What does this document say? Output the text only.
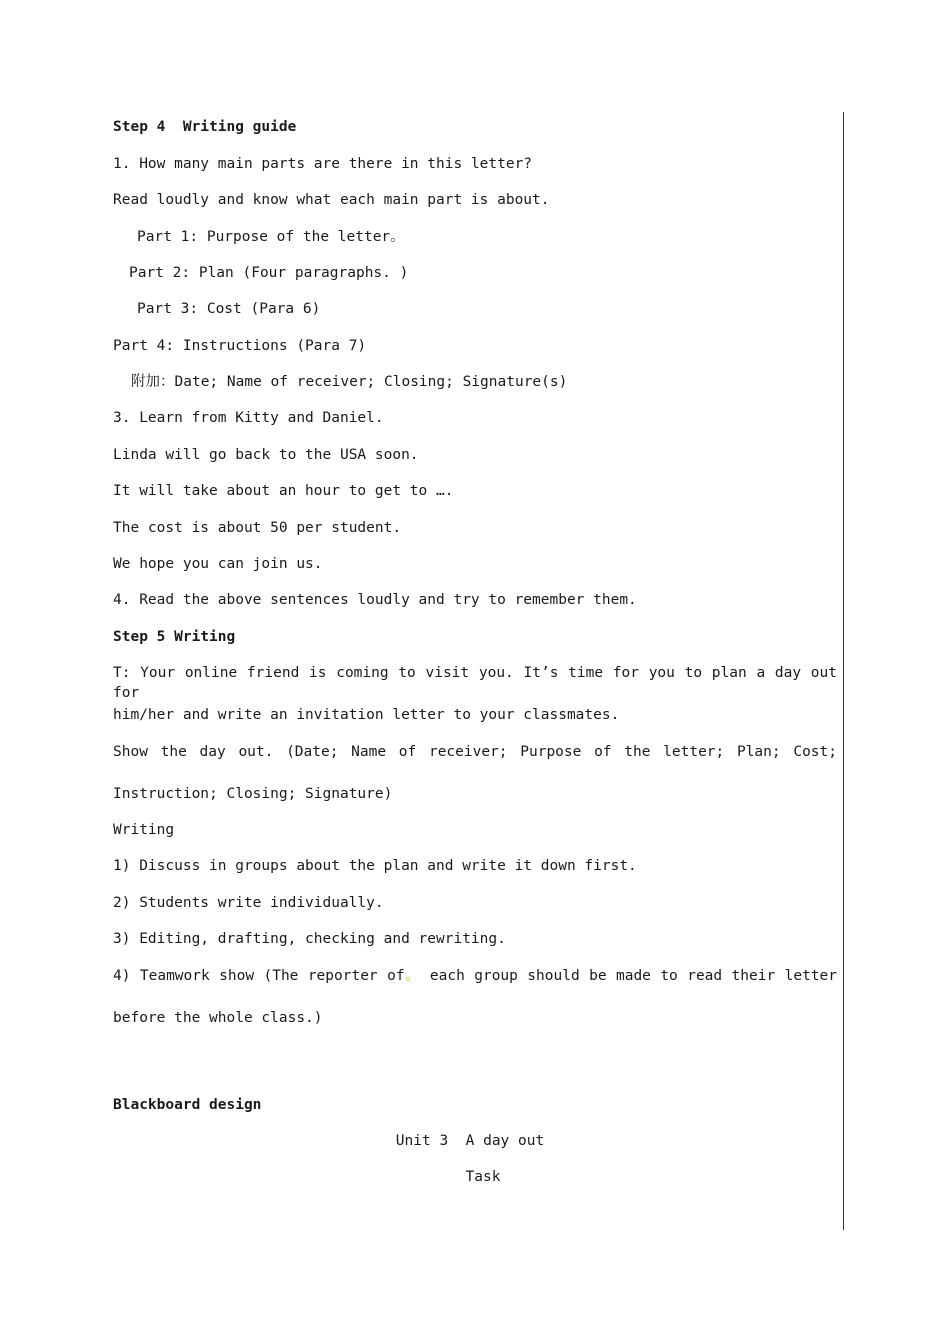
Step 4  Writing guide
1. How many main parts are there in this letter?
Read loudly and know what each main part is about.
Part 1: Purpose of the letter。
Part 2: Plan (Four paragraphs. )
Part 3: Cost (Para 6)
Part 4: Instructions (Para 7)
附加：Date; Name of receiver; Closing; Signature(s)
3. Learn from Kitty and Daniel.
Linda will go back to the USA soon.
It will take about an hour to get to ….
The cost is about 50 per student.
We hope you can join us.
4. Read the above sentences loudly and try to remember them.
Step 5 Writing
T: Your online friend is coming to visit you. It’s time for you to plan a day out for
him/her and write an invitation letter to your classmates.
Show the day out. (Date; Name of receiver; Purpose of the letter; Plan; Cost;
Instruction; Closing; Signature)
Writing
1) Discuss in groups about the plan and write it down first.
2) Students write individually.
3) Editing, drafting, checking and rewriting.
4) Teamwork show (The reporter of。 each group should be made to read their letter
before the whole class.)
Blackboard design
Unit 3  A day out
Task
